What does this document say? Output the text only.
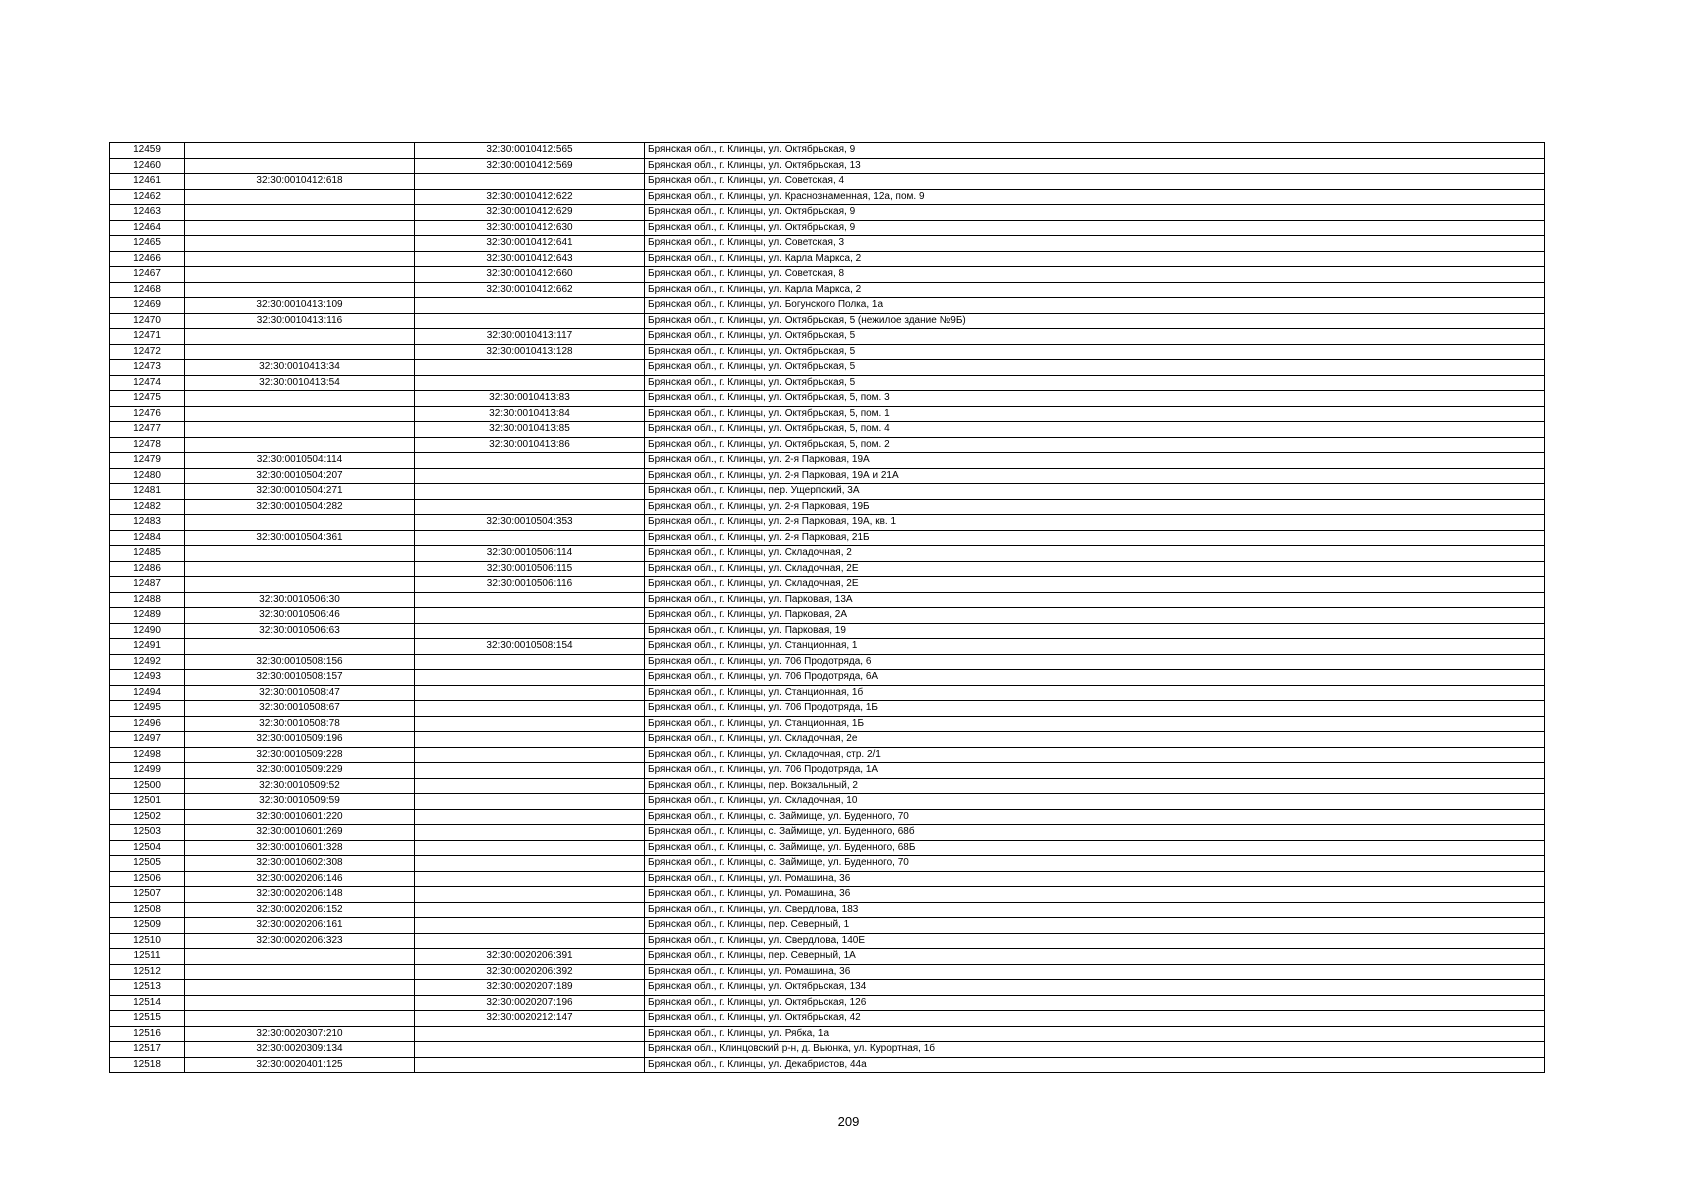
12459		32:30:0010412:565	Брянская обл., г. Клинцы, ул. Октябрьская, 9
12460		32:30:0010412:569	Брянская обл., г. Клинцы, ул. Октябрьская, 13
12461	32:30:0010412:618		Брянская обл., г. Клинцы, ул. Советская, 4
12462		32:30:0010412:622	Брянская обл., г. Клинцы, ул. Краснознаменная, 12а, пом. 9
12463		32:30:0010412:629	Брянская обл., г. Клинцы, ул. Октябрьская, 9
12464		32:30:0010412:630	Брянская обл., г. Клинцы, ул. Октябрьская, 9
12465		32:30:0010412:641	Брянская обл., г. Клинцы, ул. Советская, 3
12466		32:30:0010412:643	Брянская обл., г. Клинцы, ул. Карла Маркса, 2
12467		32:30:0010412:660	Брянская обл., г. Клинцы, ул. Советская, 8
12468		32:30:0010412:662	Брянская обл., г. Клинцы, ул. Карла Маркса, 2
12469	32:30:0010413:109		Брянская обл., г. Клинцы, ул. Богунского Полка, 1а
12470	32:30:0010413:116		Брянская обл., г. Клинцы, ул. Октябрьская, 5 (нежилое здание №9Б)
12471		32:30:0010413:117	Брянская обл., г. Клинцы, ул. Октябрьская, 5
12472		32:30:0010413:128	Брянская обл., г. Клинцы, ул. Октябрьская, 5
12473	32:30:0010413:34		Брянская обл., г. Клинцы, ул. Октябрьская, 5
12474	32:30:0010413:54		Брянская обл., г. Клинцы, ул. Октябрьская, 5
12475		32:30:0010413:83	Брянская обл., г. Клинцы, ул. Октябрьская, 5, пом. 3
12476		32:30:0010413:84	Брянская обл., г. Клинцы, ул. Октябрьская, 5, пом. 1
12477		32:30:0010413:85	Брянская обл., г. Клинцы, ул. Октябрьская, 5, пом. 4
12478		32:30:0010413:86	Брянская обл., г. Клинцы, ул. Октябрьская, 5, пом. 2
12479	32:30:0010504:114		Брянская обл., г. Клинцы, ул. 2-я Парковая, 19А
12480	32:30:0010504:207		Брянская обл., г. Клинцы, ул. 2-я Парковая, 19А и 21А
12481	32:30:0010504:271		Брянская обл., г. Клинцы, пер. Ущерпский, 3А
12482	32:30:0010504:282		Брянская обл., г. Клинцы, ул. 2-я Парковая, 19Б
12483		32:30:0010504:353	Брянская обл., г. Клинцы, ул. 2-я Парковая, 19А, кв. 1
12484	32:30:0010504:361		Брянская обл., г. Клинцы, ул. 2-я Парковая, 21Б
12485		32:30:0010506:114	Брянская обл., г. Клинцы, ул. Складочная, 2
12486		32:30:0010506:115	Брянская обл., г. Клинцы, ул. Складочная, 2Е
12487		32:30:0010506:116	Брянская обл., г. Клинцы, ул. Складочная, 2Е
12488	32:30:0010506:30		Брянская обл., г. Клинцы, ул. Парковая, 13А
12489	32:30:0010506:46		Брянская обл., г. Клинцы, ул. Парковая, 2А
12490	32:30:0010506:63		Брянская обл., г. Клинцы, ул. Парковая, 19
12491		32:30:0010508:154	Брянская обл., г. Клинцы, ул. Станционная, 1
12492	32:30:0010508:156		Брянская обл., г. Клинцы, ул. 706 Продотряда, 6
12493	32:30:0010508:157		Брянская обл., г. Клинцы, ул. 706 Продотряда, 6А
12494	32:30:0010508:47		Брянская обл., г. Клинцы, ул. Станционная, 1б
12495	32:30:0010508:67		Брянская обл., г. Клинцы, ул. 706 Продотряда, 1Б
12496	32:30:0010508:78		Брянская обл., г. Клинцы, ул. Станционная, 1Б
12497	32:30:0010509:196		Брянская обл., г. Клинцы, ул. Складочная, 2е
12498	32:30:0010509:228		Брянская обл., г. Клинцы, ул. Складочная, стр. 2/1
12499	32:30:0010509:229		Брянская обл., г. Клинцы, ул. 706 Продотряда, 1А
12500	32:30:0010509:52		Брянская обл., г. Клинцы, пер. Вокзальный, 2
12501	32:30:0010509:59		Брянская обл., г. Клинцы, ул. Складочная, 10
12502	32:30:0010601:220		Брянская обл., г. Клинцы, с. Займище, ул. Буденного, 70
12503	32:30:0010601:269		Брянская обл., г. Клинцы, с. Займище, ул. Буденного, 68б
12504	32:30:0010601:328		Брянская обл., г. Клинцы, с. Займище, ул. Буденного, 68Б
12505	32:30:0010602:308		Брянская обл., г. Клинцы, с. Займище, ул. Буденного, 70
12506	32:30:0020206:146		Брянская обл., г. Клинцы, ул. Ромашина, 36
12507	32:30:0020206:148		Брянская обл., г. Клинцы, ул. Ромашина, 36
12508	32:30:0020206:152		Брянская обл., г. Клинцы, ул. Свердлова, 183
12509	32:30:0020206:161		Брянская обл., г. Клинцы, пер. Северный, 1
12510	32:30:0020206:323		Брянская обл., г. Клинцы, ул. Свердлова, 140Е
12511		32:30:0020206:391	Брянская обл., г. Клинцы, пер. Северный, 1А
12512		32:30:0020206:392	Брянская обл., г. Клинцы, ул. Ромашина, 36
12513		32:30:0020207:189	Брянская обл., г. Клинцы, ул. Октябрьская, 134
12514		32:30:0020207:196	Брянская обл., г. Клинцы, ул. Октябрьская, 126
12515		32:30:0020212:147	Брянская обл., г. Клинцы, ул. Октябрьская, 42
12516	32:30:0020307:210		Брянская обл., г. Клинцы, ул. Рябка, 1а
12517	32:30:0020309:134		Брянская обл., Клинцовский р-н, д. Вьюнка, ул. Курортная, 1б
12518	32:30:0020401:125		Брянская обл., г. Клинцы, ул. Декабристов, 44а
209
